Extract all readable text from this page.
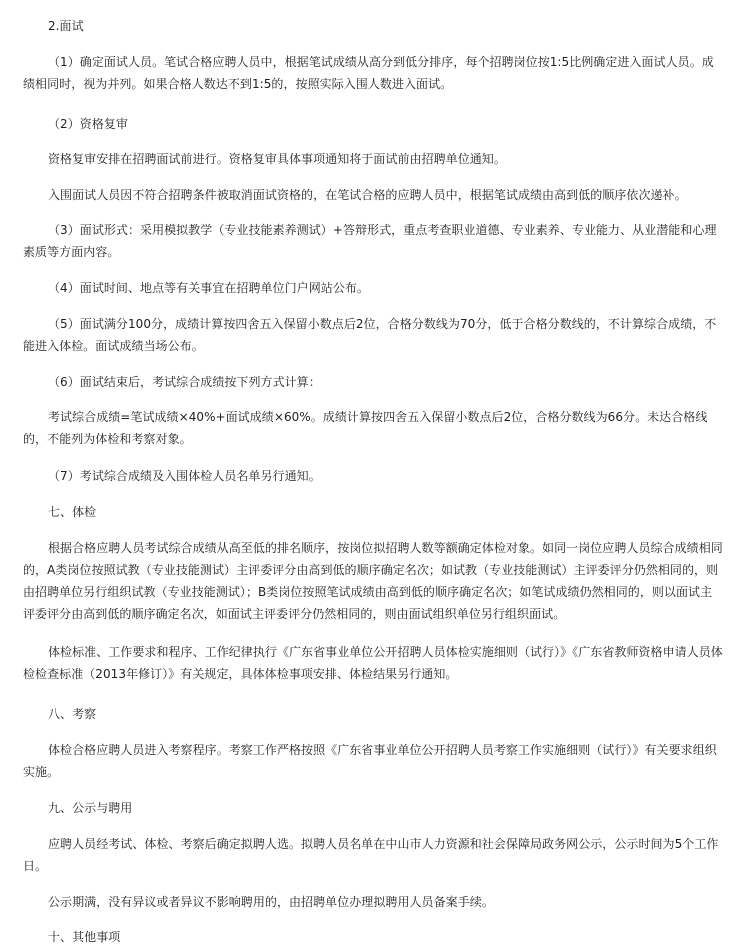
2.面试

（1）确定面试人员。笔试合格应聘人员中，根据笔试成绩从高分到低分排序，每个招聘岗位按1:5比例确定进入面试人员。成绩相同时，视为并列。如果合格人数达不到1:5的，按照实际入围人数进入面试。

（2）资格复审

资格复审安排在招聘面试前进行。资格复审具体事项通知将于面试前由招聘单位通知。

入围面试人员因不符合招聘条件被取消面试资格的，在笔试合格的应聘人员中，根据笔试成绩由高到低的顺序依次递补。

（3）面试形式：采用模拟教学（专业技能素养测试）+答辩形式，重点考查职业道德、专业素养、专业能力、从业潜能和心理素质等方面内容。

（4）面试时间、地点等有关事宜在招聘单位门户网站公布。

（5）面试满分100分，成绩计算按四舍五入保留小数点后2位，合格分数线为70分，低于合格分数线的，不计算综合成绩，不能进入体检。面试成绩当场公布。

（6）面试结束后，考试综合成绩按下列方式计算：

考试综合成绩=笔试成绩×40%+面试成绩×60%。成绩计算按四舍五入保留小数点后2位，合格分数线为66分。未达合格线的，不能列为体检和考察对象。

（7）考试综合成绩及入围体检人员名单另行通知。

七、体检

根据合格应聘人员考试综合成绩从高至低的排名顺序，按岗位拟招聘人数等额确定体检对象。如同一岗位应聘人员综合成绩相同的，A类岗位按照试教（专业技能测试）主评委评分由高到低的顺序确定名次；如试教（专业技能测试）主评委评分仍然相同的，则由招聘单位另行组织试教（专业技能测试）；B类岗位按照笔试成绩由高到低的顺序确定名次；如笔试成绩仍然相同的，则以面试主评委评分由高到低的顺序确定名次，如面试主评委评分仍然相同的，则由面试组织单位另行组织面试。

体检标准、工作要求和程序、工作纪律执行《广东省事业单位公开招聘人员体检实施细则（试行）》《广东省教师资格申请人员体检检查标准（2013年修订）》有关规定，具体体检事项安排、体检结果另行通知。

八、考察

体检合格应聘人员进入考察程序。考察工作严格按照《广东省事业单位公开招聘人员考察工作实施细则（试行）》有关要求组织实施。

九、公示与聘用

应聘人员经考试、体检、考察后确定拟聘人选。拟聘人员名单在中山市人力资源和社会保障局政务网公示，公示时间为5个工作日。

公示期满，没有异议或者异议不影响聘用的，由招聘单位办理拟聘用人员备案手续。

十、其他事项
